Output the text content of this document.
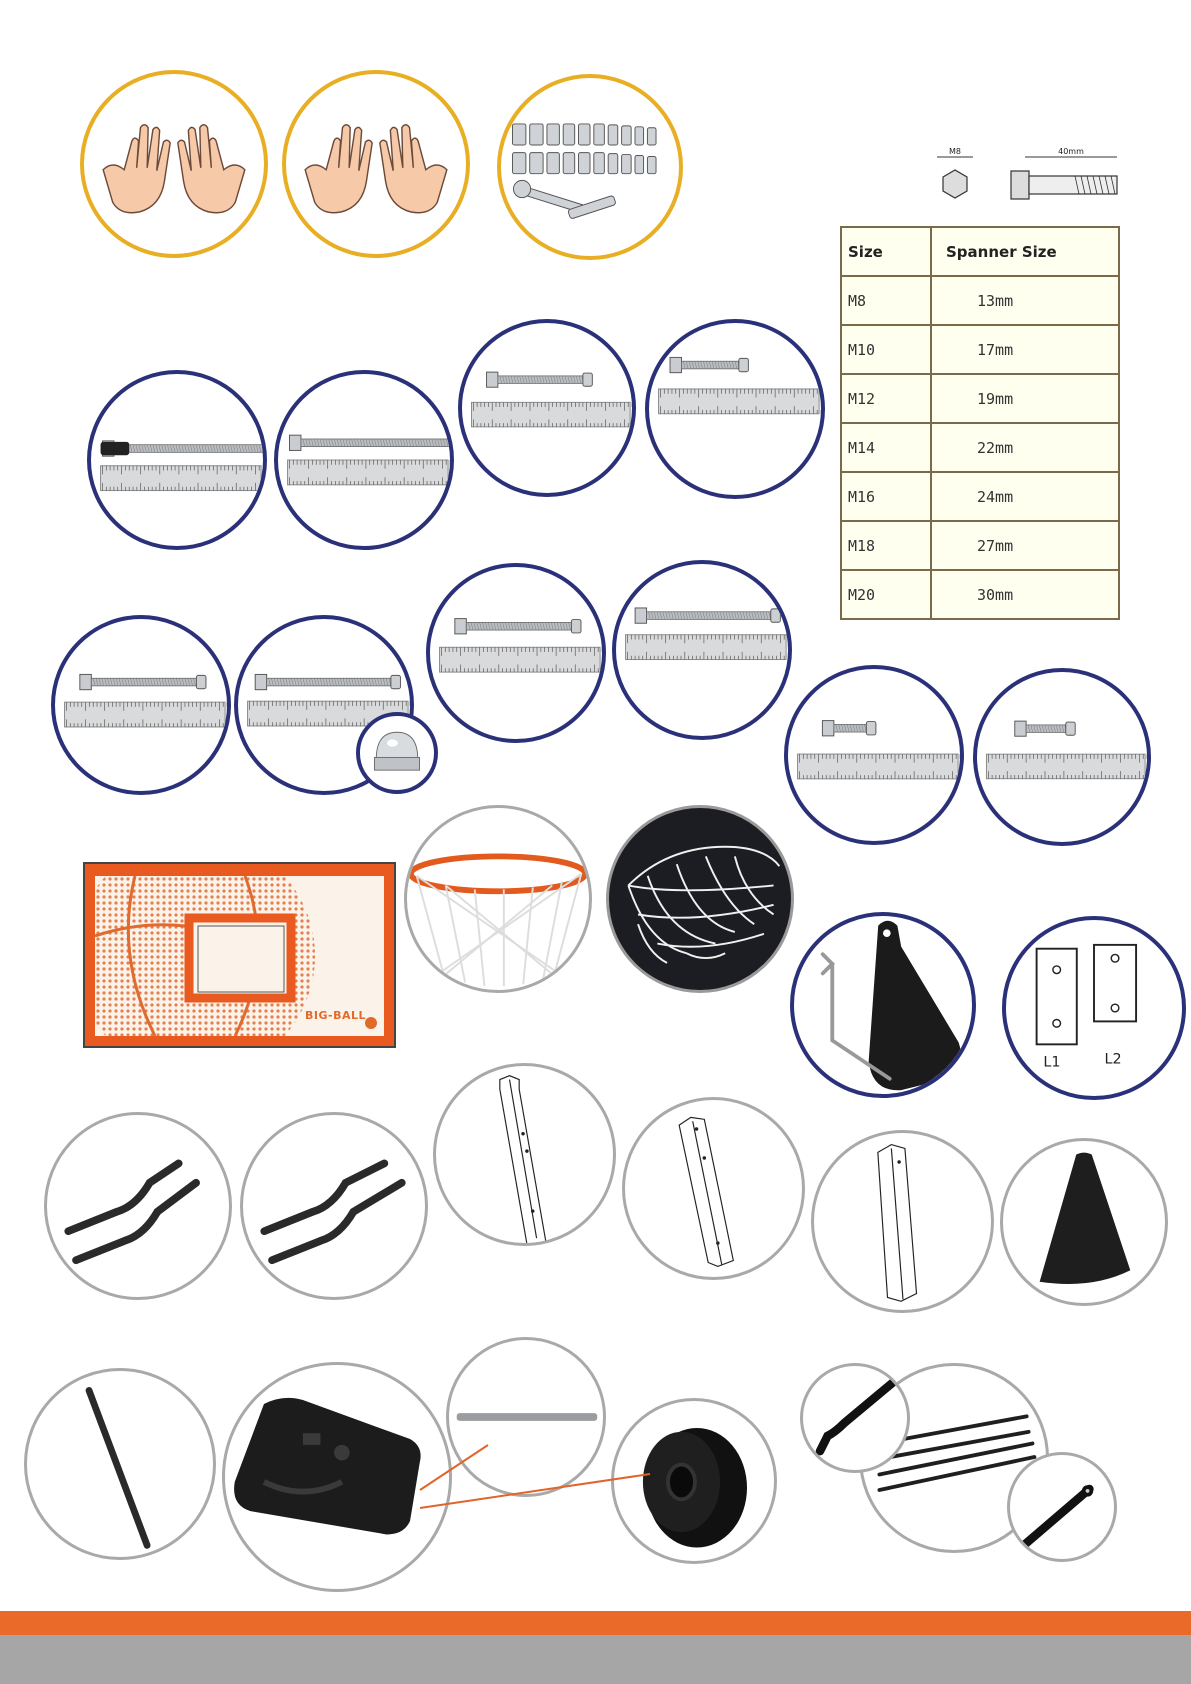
M8	40mm
Size	Spanner Size
M8	13mm
M10	17mm
M12	19mm
M14	22mm
M16	24mm
M18	27mm
M20	30mm
BIG-BALL
L1	L2
